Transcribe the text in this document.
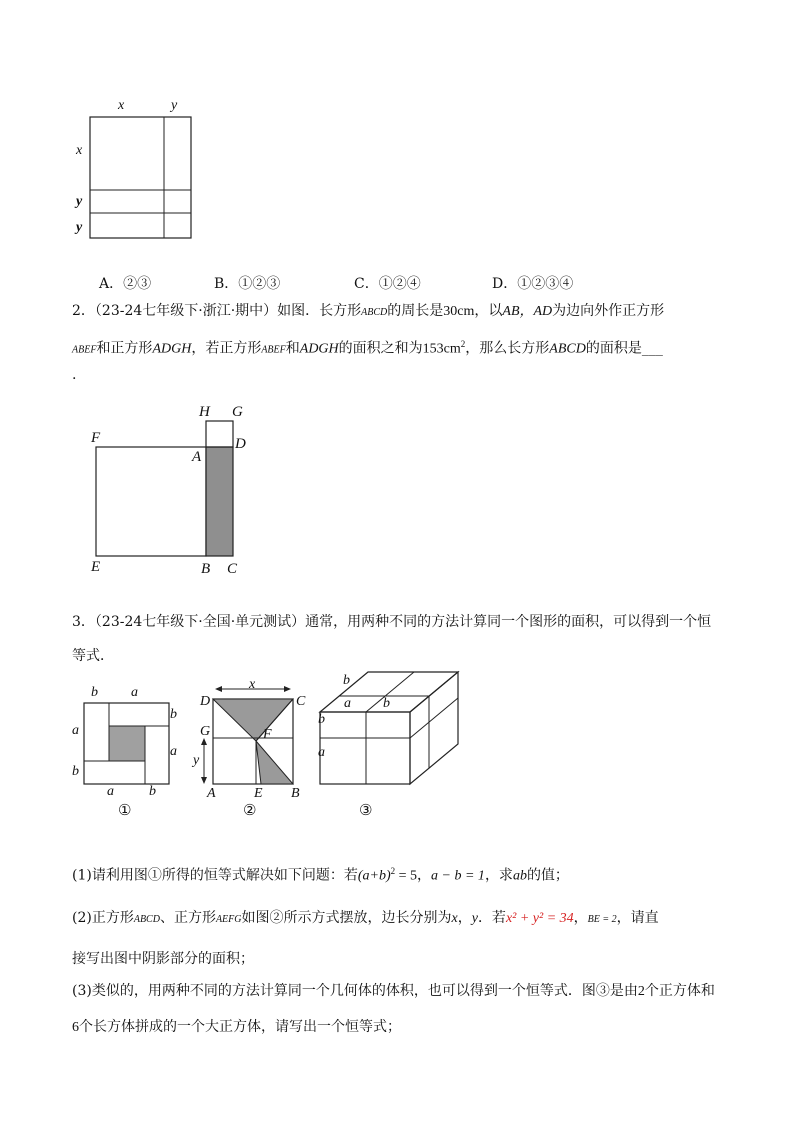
x	y
x
y
y
A．②③	B．①②③	C．①②④	D．①②③④
2．（23-24七年级下·浙江·期中）如图．长方形ABCD的周长是30cm，以AB，AD为边向外作正方形
ABEF和正方形ADGH，若正方形ABEF和ADGH的面积之和为$153cm^2$，那么长方形ABCD的面积是___
.
H G
F	D
A
E	B C
3．（23-24七年级下·全国·单元测试）通常，用两种不同的方法计算同一个图形的面积，可以得到一个恒
等式．
b a
b
a
a
b
a	b
①
D
x
C
G	F
y
A	E B
②
b
a b
b
a
③
(1)请利用图①所得的恒等式解决如下问题：若$(a+b)^2 = 5$，a − b = 1，求ab的值；
(2)正方形ABCD、正方形AEFG如图②所示方式摆放，边长分别为x，y．若x² + y² = 34，BE = 2，请直
接写出图中阴影部分的面积；
(3)类似的，用两种不同的方法计算同一个几何体的体积，也可以得到一个恒等式．图③是由2个正方体和
6个长方体拼成的一个大正方体，请写出一个恒等式；
